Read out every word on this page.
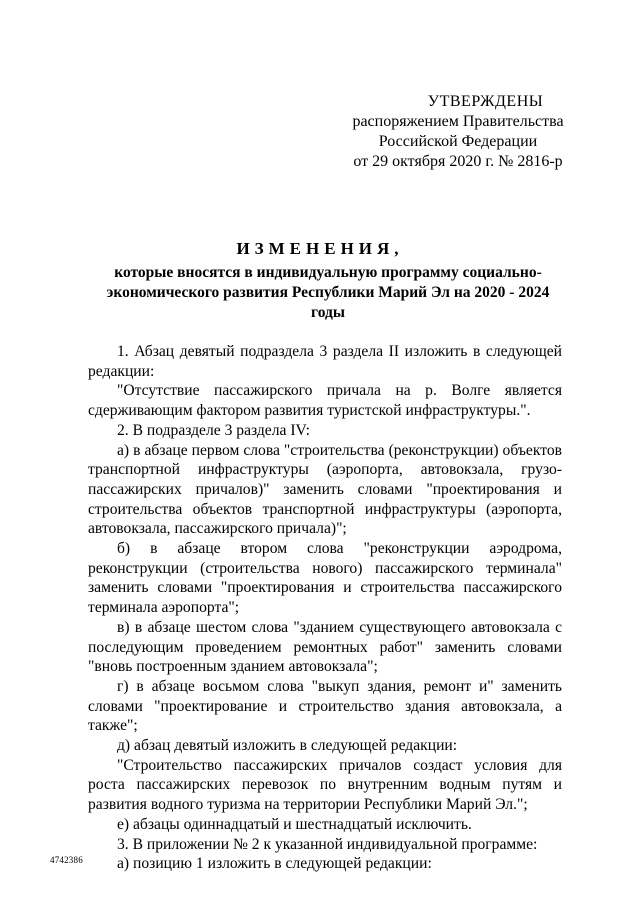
УТВЕРЖДЕНЫ
распоряжением Правительства
Российской Федерации
от 29 октября 2020 г. № 2816-р
ИЗМЕНЕНИЯ,
которые вносятся в индивидуальную программу социально-экономического развития Республики Марий Эл на 2020 - 2024 годы

1. Абзац девятый подраздела 3 раздела II изложить в следующей редакции:

"Отсутствие пассажирского причала на р. Волге является сдерживающим фактором развития туристской инфраструктуры.".

2. В подразделе 3 раздела IV:

а) в абзаце первом слова "строительства (реконструкции) объектов транспортной инфраструктуры (аэропорта, автовокзала, грузо-пассажирских причалов)" заменить словами "проектирования и строительства объектов транспортной инфраструктуры (аэропорта, автовокзала, пассажирского причала)";

б) в абзаце втором слова "реконструкции аэродрома, реконструкции (строительства нового) пассажирского терминала" заменить словами "проектирования и строительства пассажирского терминала аэропорта";

в) в абзаце шестом слова "зданием существующего автовокзала с последующим проведением ремонтных работ" заменить словами "вновь построенным зданием автовокзала";

г) в абзаце восьмом слова "выкуп здания, ремонт и" заменить словами "проектирование и строительство здания автовокзала, а также";

д) абзац девятый изложить в следующей редакции:

"Строительство пассажирских причалов создаст условия для роста пассажирских перевозок по внутренним водным путям и развития водного туризма на территории Республики Марий Эл.";

е) абзацы одиннадцатый и шестнадцатый исключить.

3. В приложении № 2 к указанной индивидуальной программе:

а) позицию 1 изложить в следующей редакции:

4742386
